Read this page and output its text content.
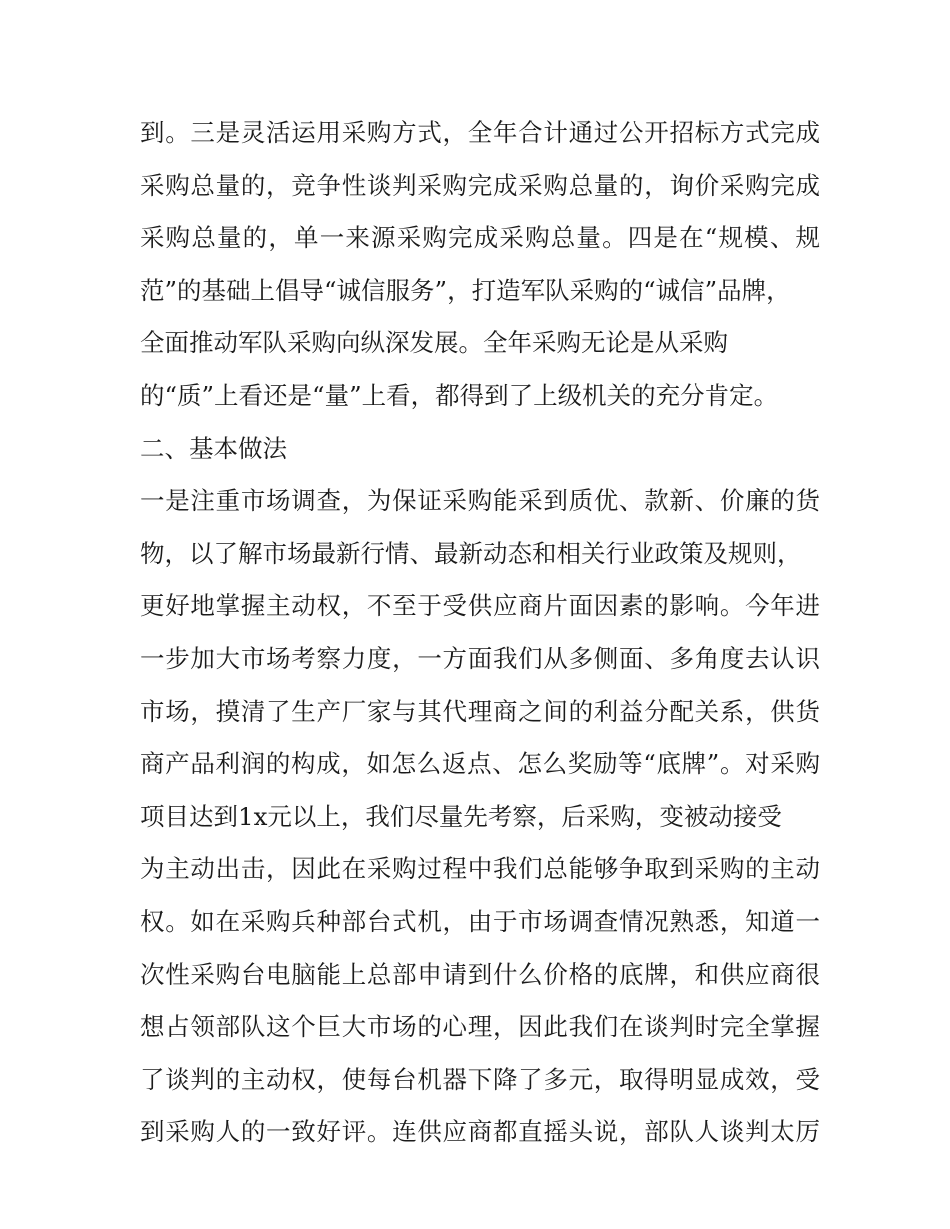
到。三是灵活运用采购方式，全年合计通过公开招标方式完成
采购总量的，竞争性谈判采购完成采购总量的，询价采购完成
采购总量的，单一来源采购完成采购总量。四是在“规模、规
范”的基础上倡导“诚信服务”，打造军队采购的“诚信”品牌，
全面推动军队采购向纵深发展。全年采购无论是从采购
的“质”上看还是“量”上看，都得到了上级机关的充分肯定。
二、基本做法
一是注重市场调查，为保证采购能采到质优、款新、价廉的货
物，以了解市场最新行情、最新动态和相关行业政策及规则，
更好地掌握主动权，不至于受供应商片面因素的影响。今年进
一步加大市场考察力度，一方面我们从多侧面、多角度去认识
市场，摸清了生产厂家与其代理商之间的利益分配关系，供货
商产品利润的构成，如怎么返点、怎么奖励等“底牌”。对采购
项目达到1x元以上，我们尽量先考察，后采购，变被动接受
为主动出击，因此在采购过程中我们总能够争取到采购的主动
权。如在采购兵种部台式机，由于市场调查情况熟悉，知道一
次性采购台电脑能上总部申请到什么价格的底牌，和供应商很
想占领部队这个巨大市场的心理，因此我们在谈判时完全掌握
了谈判的主动权，使每台机器下降了多元，取得明显成效，受
到采购人的一致好评。连供应商都直摇头说，部队人谈判太厉
